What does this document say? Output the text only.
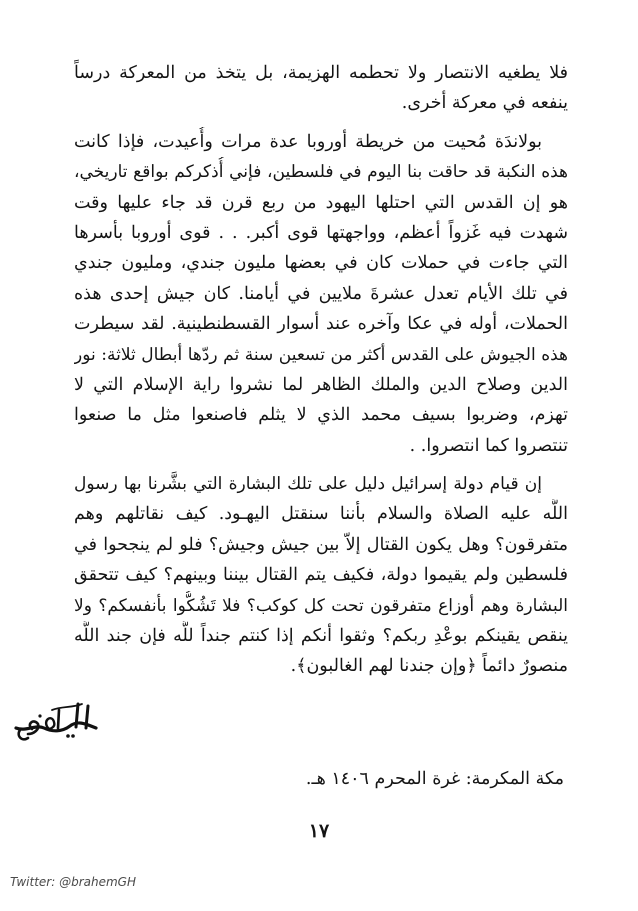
فلا يطغيه الانتصار ولا تحطمه الهزيمة، بل يتخذ من المعركة درساً
ينفعه في معركة أخرى.
بولاندَة مُحيت من خريطة أوروبا عدة مرات وأُعيدت، فإذا كانت
هذه النكبة قد حاقت بنا اليوم في فلسطين، فإني أُذكركم بواقع تاريخي،
هو إن القدس التي احتلها اليهود من ربع قرن قد جاء عليها وقت
شهدت فيه غَزواً أعظم، وواجهتها قوى أكبر. . . قوى أوروبا بأسرها
التي جاءت في حملات كان في بعضها مليون جندي، ومليون جندي
في تلك الأيام تعدل عشرةَ ملايين في أيامنا. كان جيش إحدى هذه
الحملات، أوله في عكا وآخره عند أسوار القسطنطينية. لقد سيطرت
هذه الجيوش على القدس أكثر من تسعين سنة ثم ردّها أبطال ثلاثة: نور
الدين وصلاح الدين والملك الظاهر لما نشروا راية الإسلام التي لا
تهزم، وضربوا بسيف محمد الذي لا يثلم فاصنعوا مثل ما صنعوا
تنتصروا كما انتصروا. .
إن قيام دولة إسرائيل دليل على تلك البشارة التي بشَّرنا بها رسول
اللَّه عليه الصلاة والسلام بأننا سنقتل اليهـود. كيف نقاتلهم وهم
متفرقون؟ وهل يكون القتال إلاّ بين جيش وجيش؟ فلو لم ينجحوا في
فلسطين ولم يقيموا دولة، فكيف يتم القتال بيننا وبينهم؟ كيف تتحقق
البشارة وهم أوزاع متفرقون تحت كل كوكب؟ فلا تَشُكُّوا بأنفسكم؟ ولا
ينقص يقينكم بوعْدِ ربكم؟ وثقوا أنكم إذا كنتم جنداً للَّه فإن جند اللَّه
منصورٌ دائماً ﴿وإن جندنا لهم الغالبون﴾.
مكة المكرمة: غرة المحرم ١٤٠٦ هـ.
١٧
Twitter: @brahemGH
